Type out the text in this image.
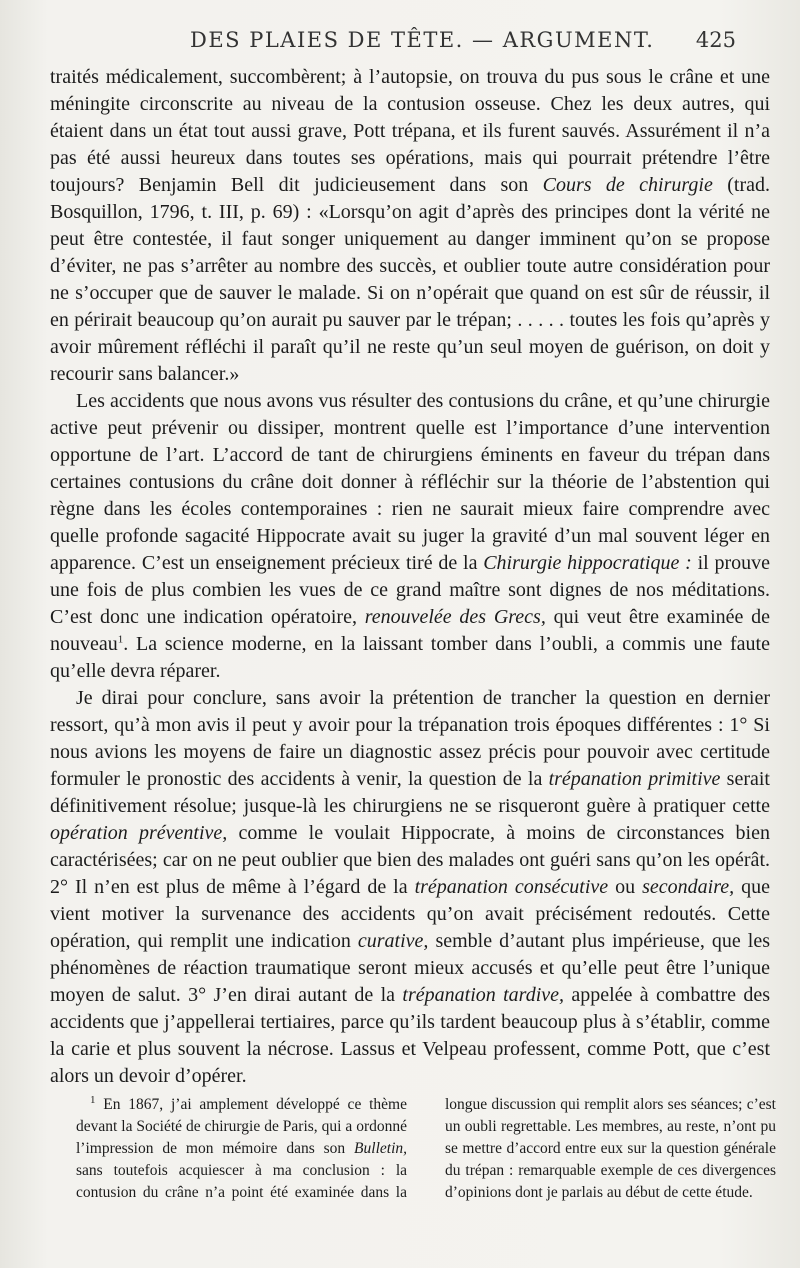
DES PLAIES DE TÊTE. — ARGUMENT. 425

traités médicalement, succombèrent; à l’autopsie, on trouva du pus sous le crâne et une méningite circonscrite au niveau de la contusion osseuse. Chez les deux autres, qui étaient dans un état tout aussi grave, Pott trépana, et ils furent sauvés. Assurément il n’a pas été aussi heureux dans toutes ses opérations, mais qui pourrait prétendre l’être toujours? Benjamin Bell dit judicieusement dans son Cours de chirurgie (trad. Bosquillon, 1796, t. III, p. 69) : «Lorsqu’on agit d’après des principes dont la vérité ne peut être contestée, il faut songer uniquement au danger imminent qu’on se propose d’éviter, ne pas s’arrêter au nombre des succès, et oublier toute autre considération pour ne s’occuper que de sauver le malade. Si on n’opérait que quand on est sûr de réussir, il en périrait beaucoup qu’on aurait pu sauver par le trépan; . . . . . toutes les fois qu’après y avoir mûrement réfléchi il paraît qu’il ne reste qu’un seul moyen de guérison, on doit y recourir sans balancer.»

Les accidents que nous avons vus résulter des contusions du crâne, et qu’une chirurgie active peut prévenir ou dissiper, montrent quelle est l’importance d’une intervention opportune de l’art. L’accord de tant de chirurgiens éminents en faveur du trépan dans certaines contusions du crâne doit donner à réfléchir sur la théorie de l’abstention qui règne dans les écoles contemporaines : rien ne saurait mieux faire comprendre avec quelle profonde sagacité Hippocrate avait su juger la gravité d’un mal souvent léger en apparence. C’est un enseignement précieux tiré de la Chirurgie hippocratique : il prouve une fois de plus combien les vues de ce grand maître sont dignes de nos méditations. C’est donc une indication opératoire, renouvelée des Grecs, qui veut être examinée de nouveau$^1$. La science moderne, en la laissant tomber dans l’oubli, a commis une faute qu’elle devra réparer.

Je dirai pour conclure, sans avoir la prétention de trancher la question en dernier ressort, qu’à mon avis il peut y avoir pour la trépanation trois époques différentes : 1° Si nous avions les moyens de faire un diagnostic assez précis pour pouvoir avec certitude formuler le pronostic des accidents à venir, la question de la trépanation primitive serait définitivement résolue; jusque-là les chirurgiens ne se risqueront guère à pratiquer cette opération préventive, comme le voulait Hippocrate, à moins de circonstances bien caractérisées; car on ne peut oublier que bien des malades ont guéri sans qu’on les opérât. 2° Il n’en est plus de même à l’égard de la trépanation consécutive ou secondaire, que vient motiver la survenance des accidents qu’on avait précisément redoutés. Cette opération, qui remplit une indication curative, semble d’autant plus impérieuse, que les phénomènes de réaction traumatique seront mieux accusés et qu’elle peut être l’unique moyen de salut. 3° J’en dirai autant de la trépanation tardive, appelée à combattre des accidents que j’appellerai tertiaires, parce qu’ils tardent beaucoup plus à s’établir, comme la carie et plus souvent la nécrose. Lassus et Velpeau professent, comme Pott, que c’est alors un devoir d’opérer.

$^1$ En 1867, j’ai amplement développé ce thème devant la Société de chirurgie de Paris, qui a ordonné l’impression de mon mémoire dans son Bulletin, sans toutefois acquiescer à ma conclusion : la contusion du crâne n’a point été examinée dans la longue discussion qui remplit alors ses séances; c’est un oubli regrettable. Les membres, au reste, n’ont pu se mettre d’accord entre eux sur la question générale du trépan : remarquable exemple de ces divergences d’opinions dont je parlais au début de cette étude.
